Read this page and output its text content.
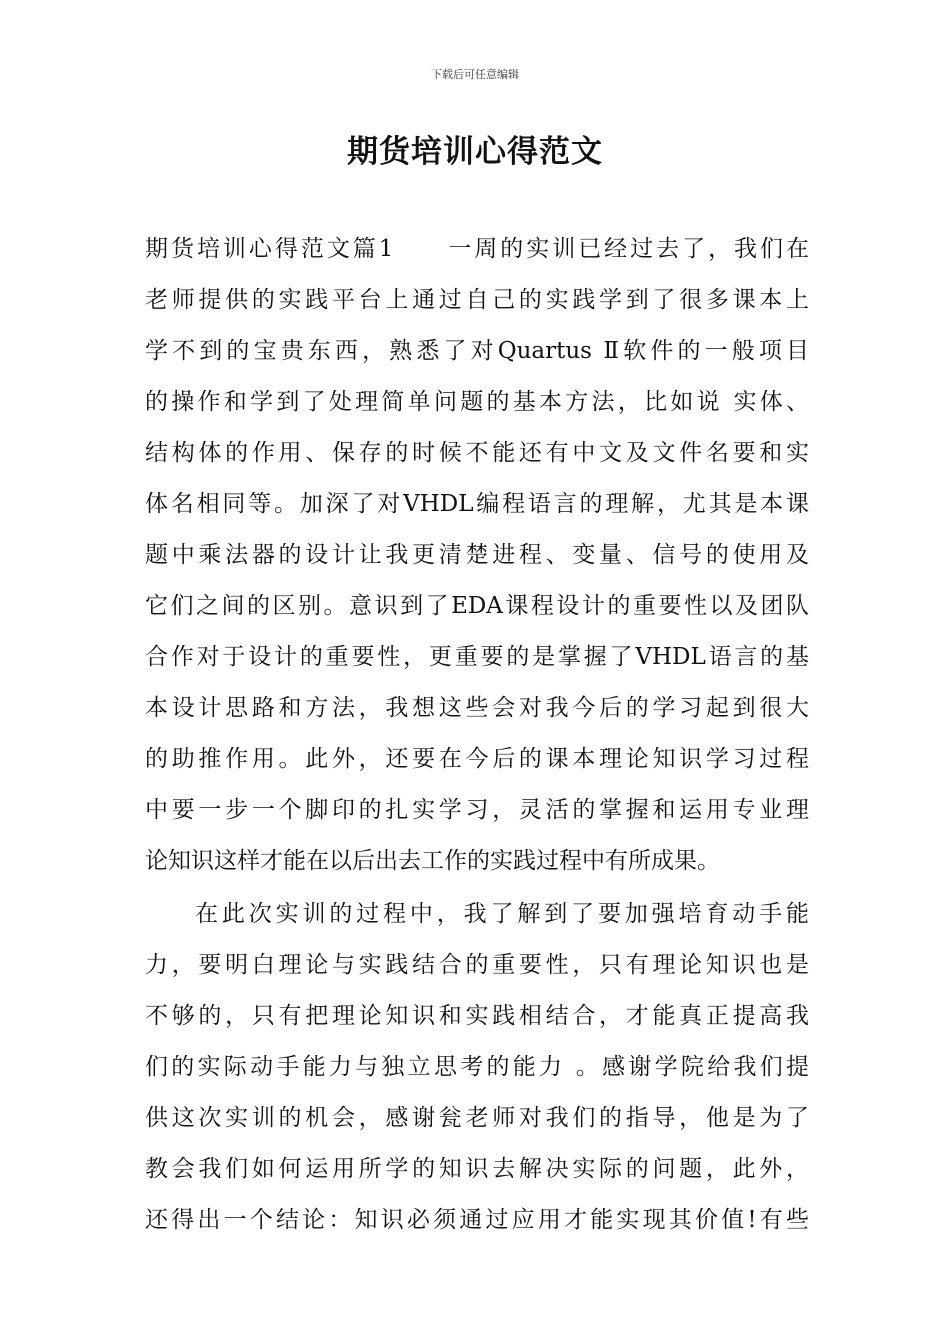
下载后可任意编辑
期货培训心得范文
期货培训心得范文篇1　　一周的实训已经过去了，我们在
老师提供的实践平台上通过自己的实践学到了很多课本上
学不到的宝贵东西，熟悉了对Quartus Ⅱ软件的一般项目
的操作和学到了处理简单问题的基本方法，比如说 实体、
结构体的作用、保存的时候不能还有中文及文件名要和实
体名相同等。加深了对VHDL编程语言的理解，尤其是本课
题中乘法器的设计让我更清楚进程、变量、信号的使用及
它们之间的区别。意识到了EDA课程设计的重要性以及团队
合作对于设计的重要性，更重要的是掌握了VHDL语言的基
本设计思路和方法，我想这些会对我今后的学习起到很大
的助推作用。此外，还要在今后的课本理论知识学习过程
中要一步一个脚印的扎实学习，灵活的掌握和运用专业理
论知识这样才能在以后出去工作的实践过程中有所成果。
在此次实训的过程中，我了解到了要加强培育动手能
力，要明白理论与实践结合的重要性，只有理论知识也是
不够的，只有把理论知识和实践相结合，才能真正提高我
们的实际动手能力与独立思考的能力 。感谢学院给我们提
供这次实训的机会，感谢瓮老师对我们的指导，他是为了
教会我们如何运用所学的知识去解决实际的问题，此外，
还得出一个结论：知识必须通过应用才能实现其价值!有些
